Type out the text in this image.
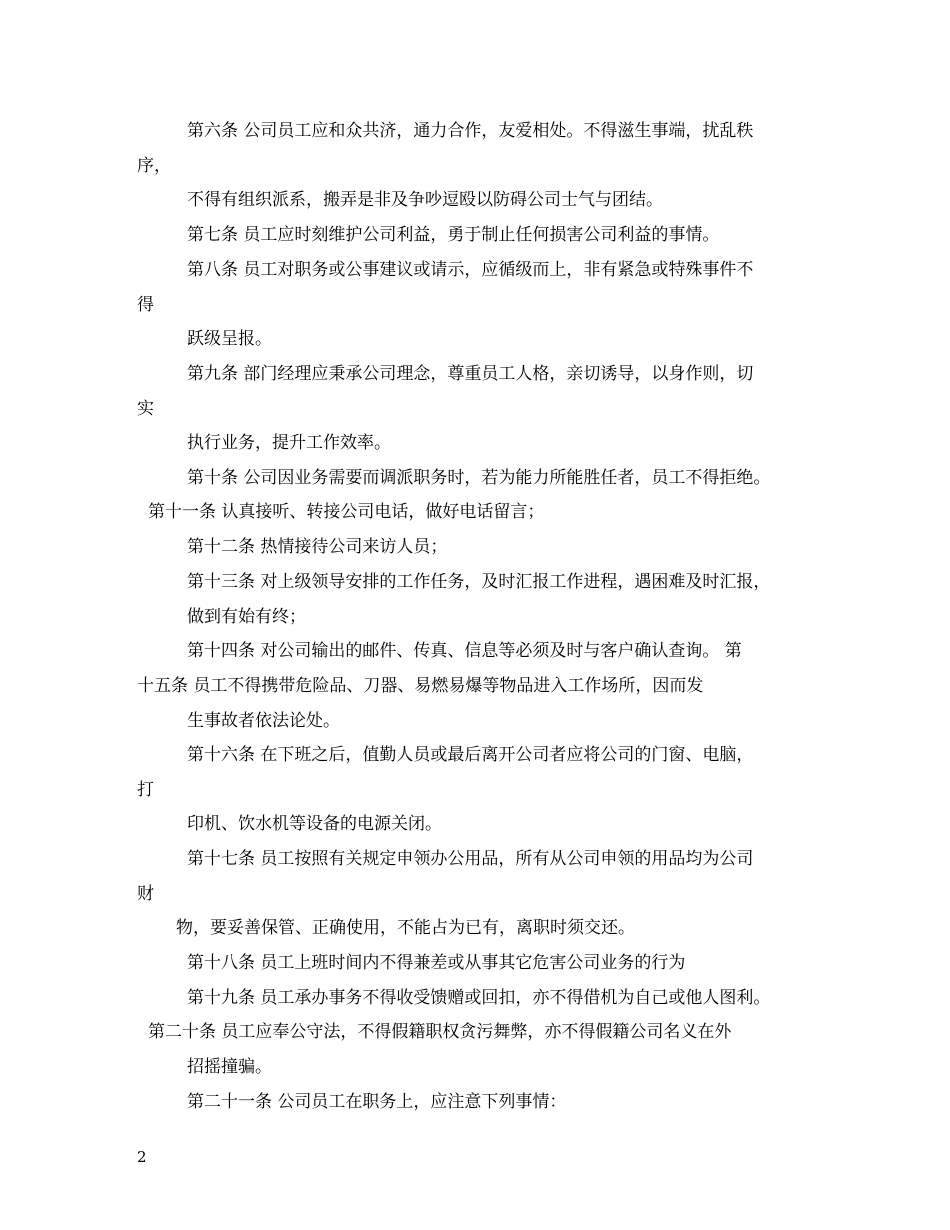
第六条 公司员工应和众共济，通力合作，友爱相处。不得滋生事端，扰乱秩
序，
不得有组织派系，搬弄是非及争吵逗殴以防碍公司士气与团结。
第七条 员工应时刻维护公司利益，勇于制止任何损害公司利益的事情。
第八条 员工对职务或公事建议或请示，应循级而上，非有紧急或特殊事件不
得
跃级呈报。
第九条 部门经理应秉承公司理念，尊重员工人格，亲切诱导，以身作则，切
实
执行业务，提升工作效率。
第十条 公司因业务需要而调派职务时，若为能力所能胜任者，员工不得拒绝。
第十一条 认真接听、转接公司电话，做好电话留言；
第十二条 热情接待公司来访人员；
第十三条 对上级领导安排的工作任务，及时汇报工作进程，遇困难及时汇报，
做到有始有终；
第十四条 对公司输出的邮件、传真、信息等必须及时与客户确认查询。 第
十五条 员工不得携带危险品、刀器、易燃易爆等物品进入工作场所，因而发
生事故者依法论处。
第十六条 在下班之后，值勤人员或最后离开公司者应将公司的门窗、电脑，
打
印机、饮水机等设备的电源关闭。
第十七条 员工按照有关规定申领办公用品，所有从公司申领的用品均为公司
财
物，要妥善保管、正确使用，不能占为已有，离职时须交还。
第十八条 员工上班时间内不得兼差或从事其它危害公司业务的行为
第十九条 员工承办事务不得收受馈赠或回扣，亦不得借机为自己或他人图利。
第二十条 员工应奉公守法，不得假籍职权贪污舞弊，亦不得假籍公司名义在外
招摇撞骗。
第二十一条 公司员工在职务上，应注意下列事情：
2
